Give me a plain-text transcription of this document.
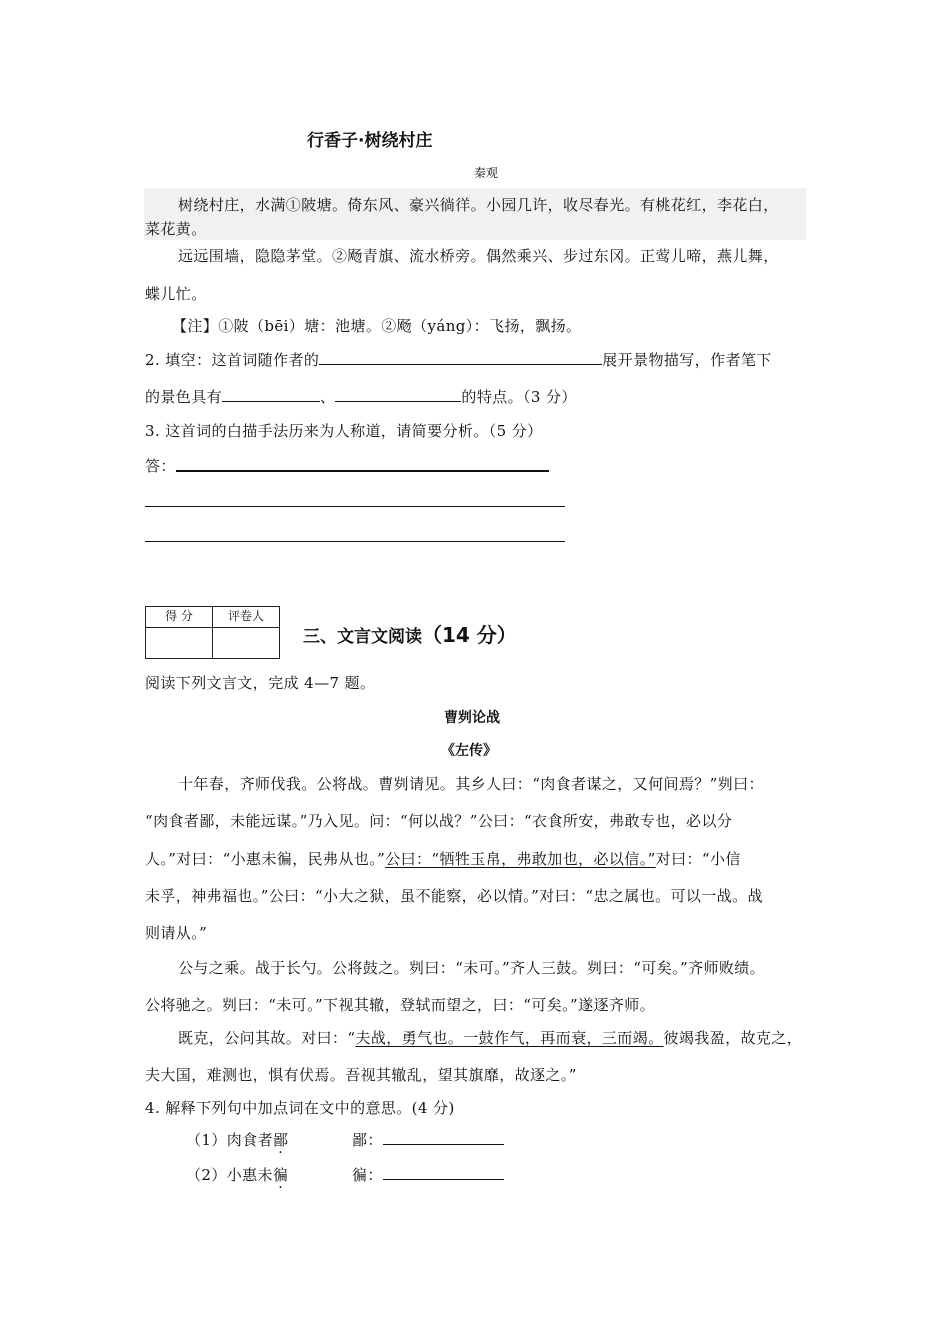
行香子·树绕村庄
秦观
树绕村庄，水满①陂塘。倚东风、豪兴徜徉。小园几许，收尽春光。有桃花红，李花白，
菜花黄。
远远围墙，隐隐茅堂。②飏青旗、流水桥旁。偶然乘兴、步过东冈。正莺儿啼，燕儿舞，
蝶儿忙。
【注】①陂（bēi）塘：池塘。②飏（yáng）：飞扬，飘扬。
2. 填空：这首词随作者的	展开景物描写，作者笔下
的景色具有	、	的特点。（3 分）
3. 这首词的白描手法历来为人称道，请简要分析。（5 分）
答：
得 分	评卷人

三、文言文阅读（14 分）
阅读下列文言文，完成 4—7 题。
曹刿论战
《左传》
十年春，齐师伐我。公将战。曹刿请见。其乡人曰：“肉食者谋之，又何间焉？”刿曰：
“肉食者鄙，未能远谋。”乃入见。问：“何以战？”公曰：“衣食所安，弗敢专也，必以分
人。”对曰：“小惠未徧，民弗从也。”公曰：“牺牲玉帛，弗敢加也，必以信。”对曰：“小信
未孚，神弗福也。”公曰：“小大之狱，虽不能察，必以情。”对曰：“忠之属也。可以一战。战
则请从。”
公与之乘。战于长勺。公将鼓之。刿曰：“未可。”齐人三鼓。刿曰：“可矣。”齐师败绩。
公将驰之。刿曰：“未可。”下视其辙，登轼而望之，曰：“可矣。”遂逐齐师。
既克，公问其故。对曰：“夫战，勇气也。一鼓作气，再而衰，三而竭。彼竭我盈，故克之，
夫大国，难测也，惧有伏焉。吾视其辙乱，望其旗靡，故逐之。”
4. 解释下列句中加点词在文中的意思。(4 分)
（1）肉食者鄙	鄙：
（2）小惠未徧	徧：
